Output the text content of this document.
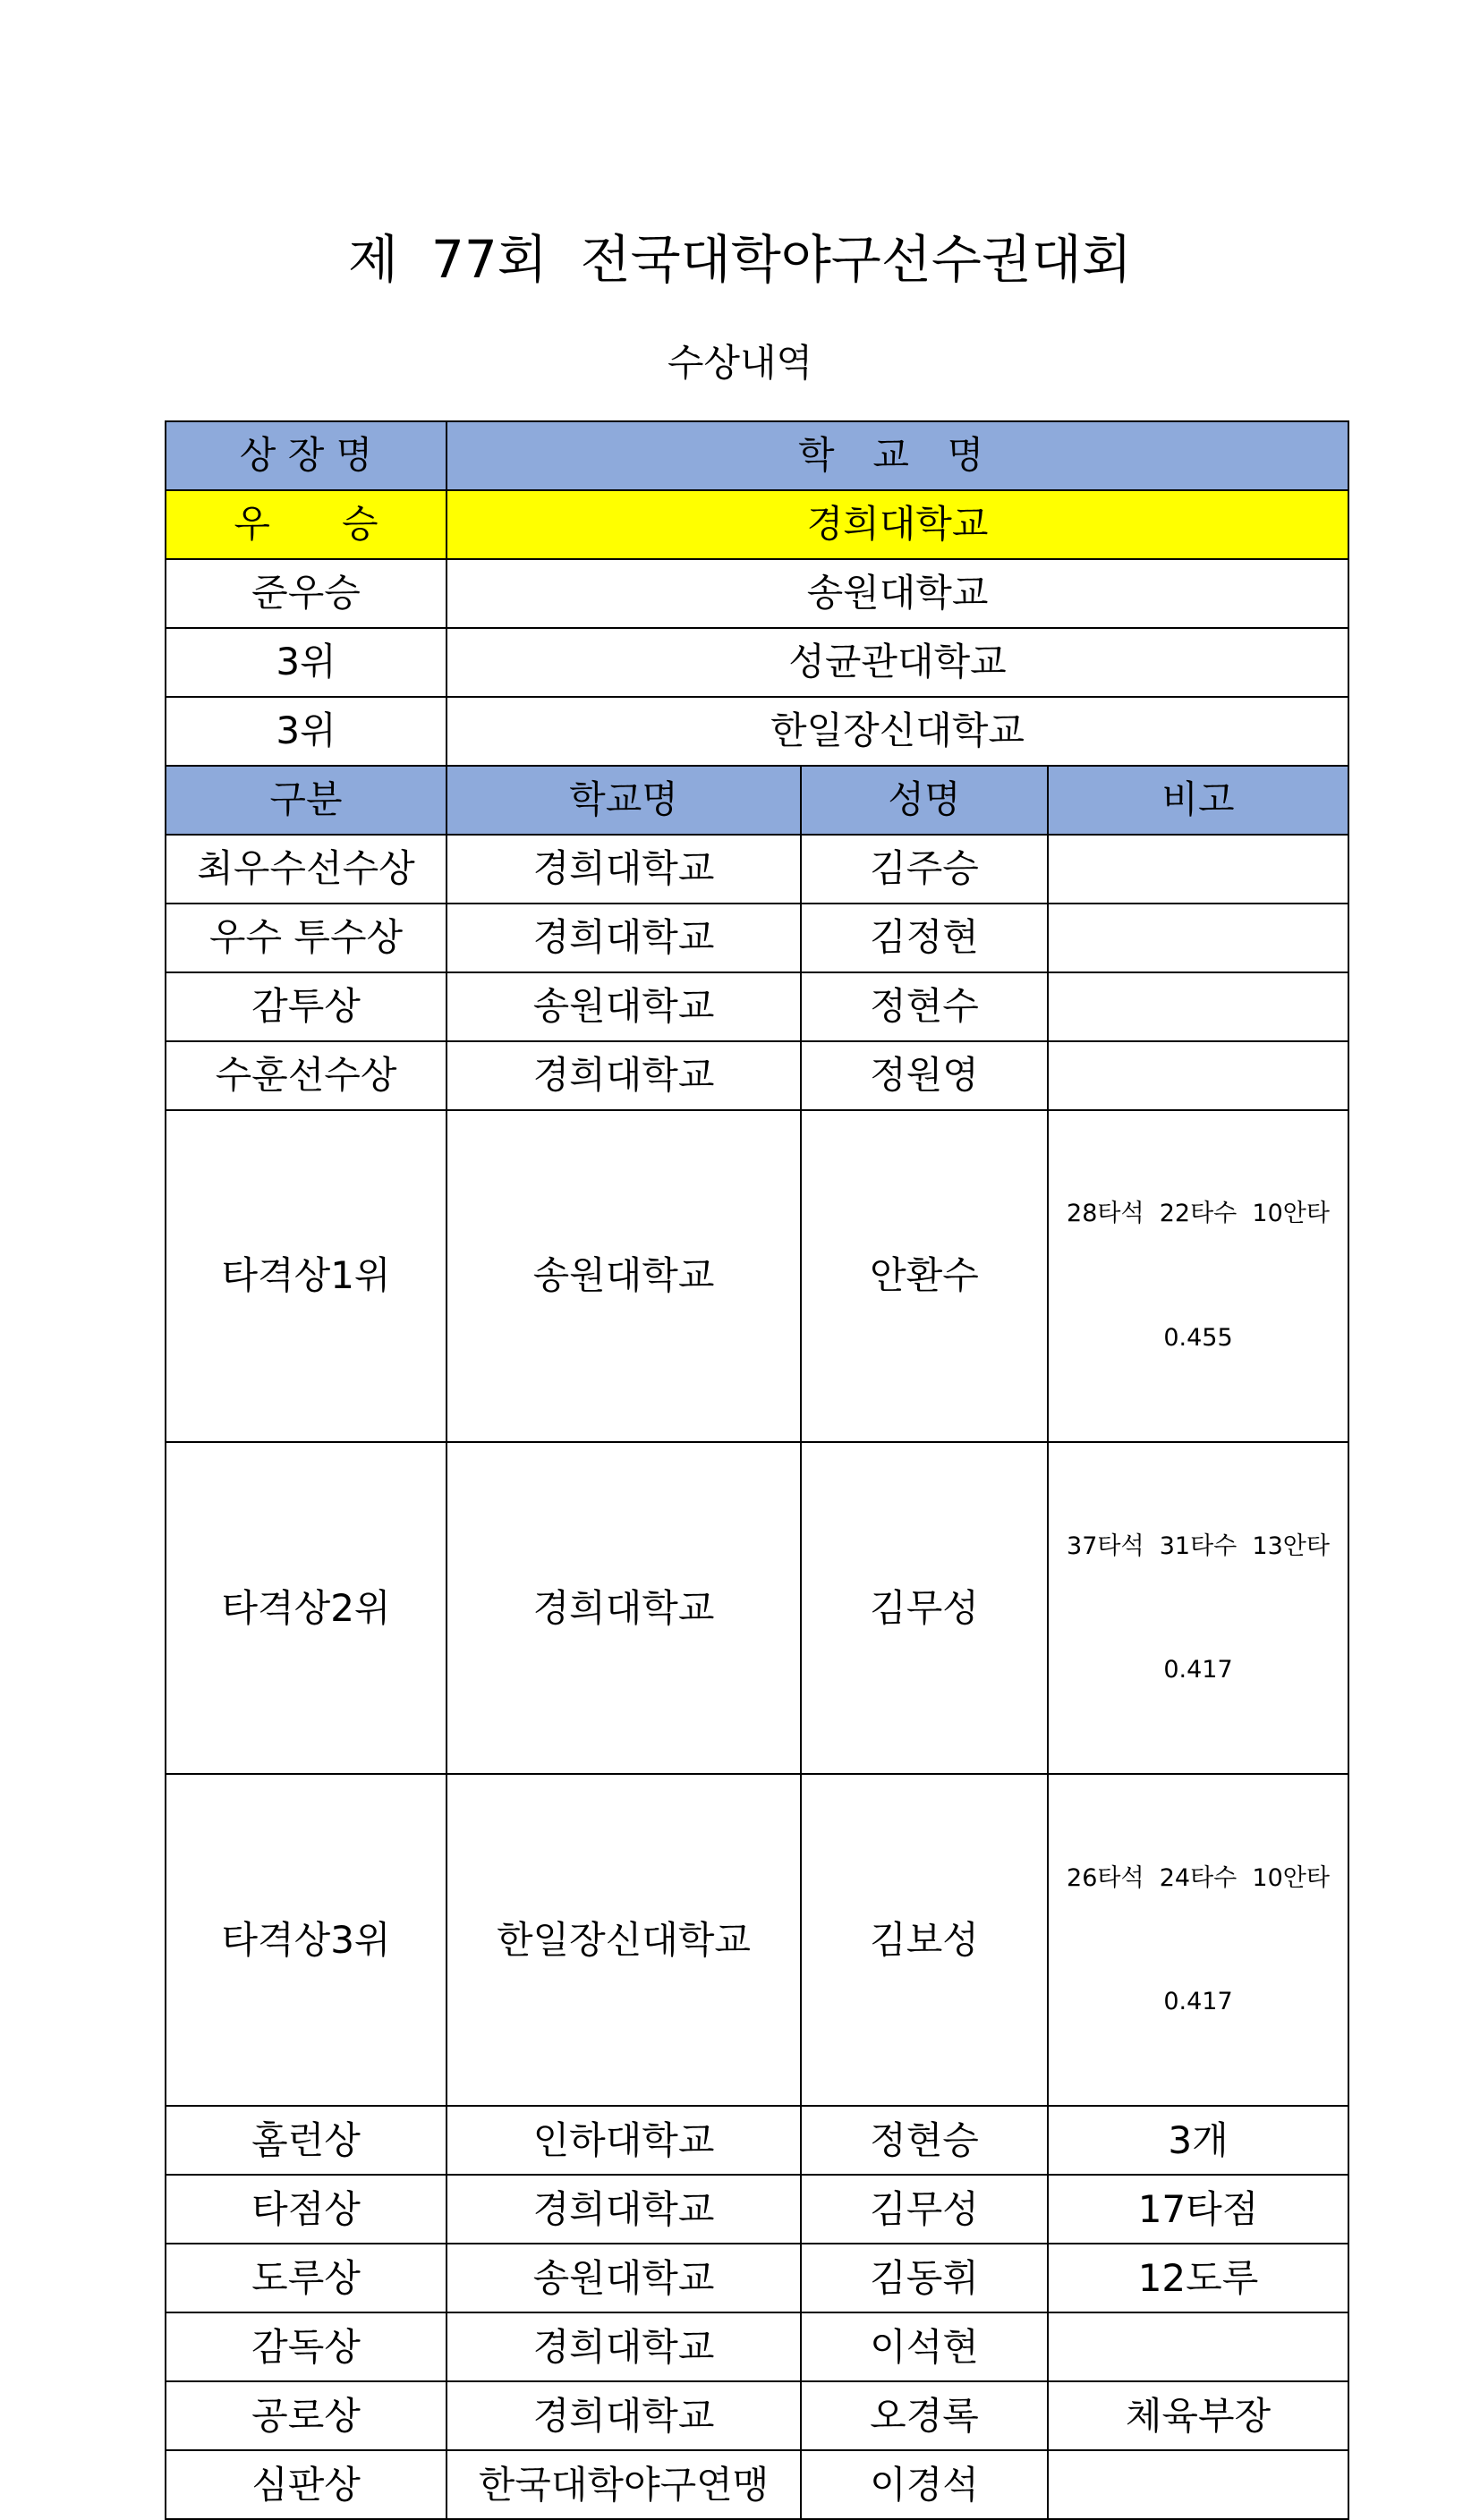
제  77회  전국대학야구선수권대회
수상내역
상 장 명	학 교 명		
우      승	경희대학교		
준우승	송원대학교		
3위	성균관대학교		
3위	한일장신대학교		
구분	학교명	성명	비고
최우수선수상	경희대학교	김주승	
우수 투수상	경희대학교	김정현	
감투상	송원대학교	정현수	
수훈선수상	경희대학교	정원영	
타격상1위	송원대학교	안환수	28타석  22타수  10안타

0.455

타격상2위	경희대학교	김무성	37타석  31타수  13안타

0.417

타격상3위	한일장신대학교	김보성	26타석  24타수  10안타

0.417

홈런상	인하대학교	정현승	3개
타점상	경희대학교	김무성	17타점
도루상	송원대학교	김동휘	12도루
감독상	경희대학교	이석현	
공로상	경희대학교	오경록	체육부장
심판상	한국대학야구연맹	이경석	
